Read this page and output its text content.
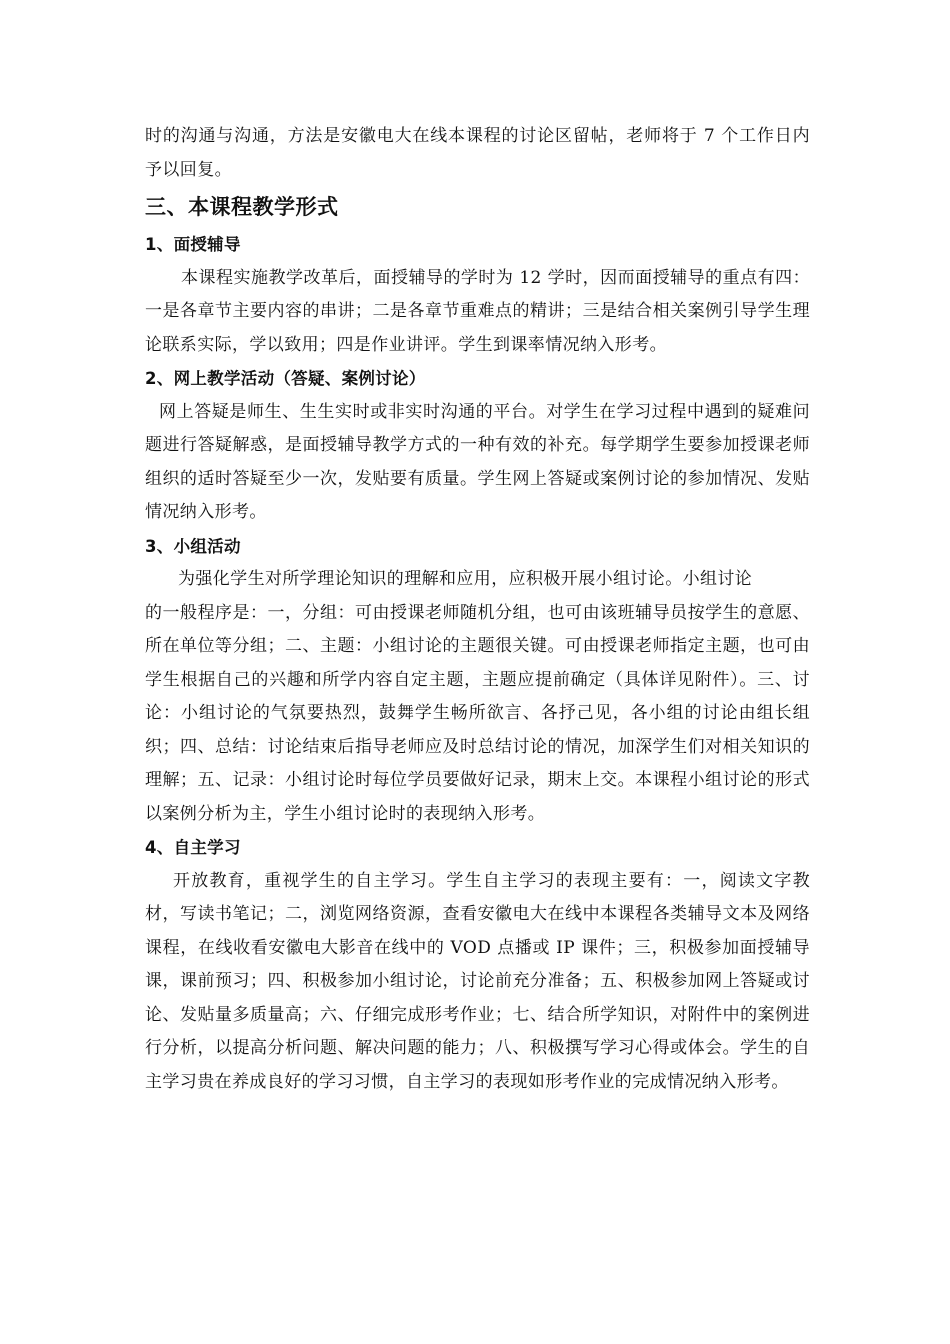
时的沟通与沟通，方法是安徽电大在线本课程的讨论区留帖，老师将于 7 个工作日内予以回复。

三、本课程教学形式
1、面授辅导

本课程实施教学改革后，面授辅导的学时为 12 学时，因而面授辅导的重点有四：一是各章节主要内容的串讲；二是各章节重难点的精讲；三是结合相关案例引导学生理论联系实际，学以致用；四是作业讲评。学生到课率情况纳入形考。

2、网上教学活动（答疑、案例讨论）

网上答疑是师生、生生实时或非实时沟通的平台。对学生在学习过程中遇到的疑难问题进行答疑解惑，是面授辅导教学方式的一种有效的补充。每学期学生要参加授课老师组织的适时答疑至少一次，发贴要有质量。学生网上答疑或案例讨论的参加情况、发贴情况纳入形考。

3、小组活动

为强化学生对所学理论知识的理解和应用，应积极开展小组讨论。小组讨论

的一般程序是：一，分组：可由授课老师随机分组，也可由该班辅导员按学生的意愿、所在单位等分组；二、主题：小组讨论的主题很关键。可由授课老师指定主题，也可由学生根据自己的兴趣和所学内容自定主题，主题应提前确定（具体详见附件）。三、讨论：小组讨论的气氛要热烈，鼓舞学生畅所欲言、各抒己见，各小组的讨论由组长组织；四、总结：讨论结束后指导老师应及时总结讨论的情况，加深学生们对相关知识的理解；五、记录：小组讨论时每位学员要做好记录，期末上交。本课程小组讨论的形式以案例分析为主，学生小组讨论时的表现纳入形考。

4、自主学习

开放教育，重视学生的自主学习。学生自主学习的表现主要有：一，阅读文字教材，写读书笔记；二，浏览网络资源，查看安徽电大在线中本课程各类辅导文本及网络课程，在线收看安徽电大影音在线中的 VOD 点播或 IP 课件；三，积极参加面授辅导课，课前预习；四、积极参加小组讨论，讨论前充分准备；五、积极参加网上答疑或讨论、发贴量多质量高；六、仔细完成形考作业；七、结合所学知识，对附件中的案例进行分析，以提高分析问题、解决问题的能力；八、积极撰写学习心得或体会。学生的自主学习贵在养成良好的学习习惯，自主学习的表现如形考作业的完成情况纳入形考。
